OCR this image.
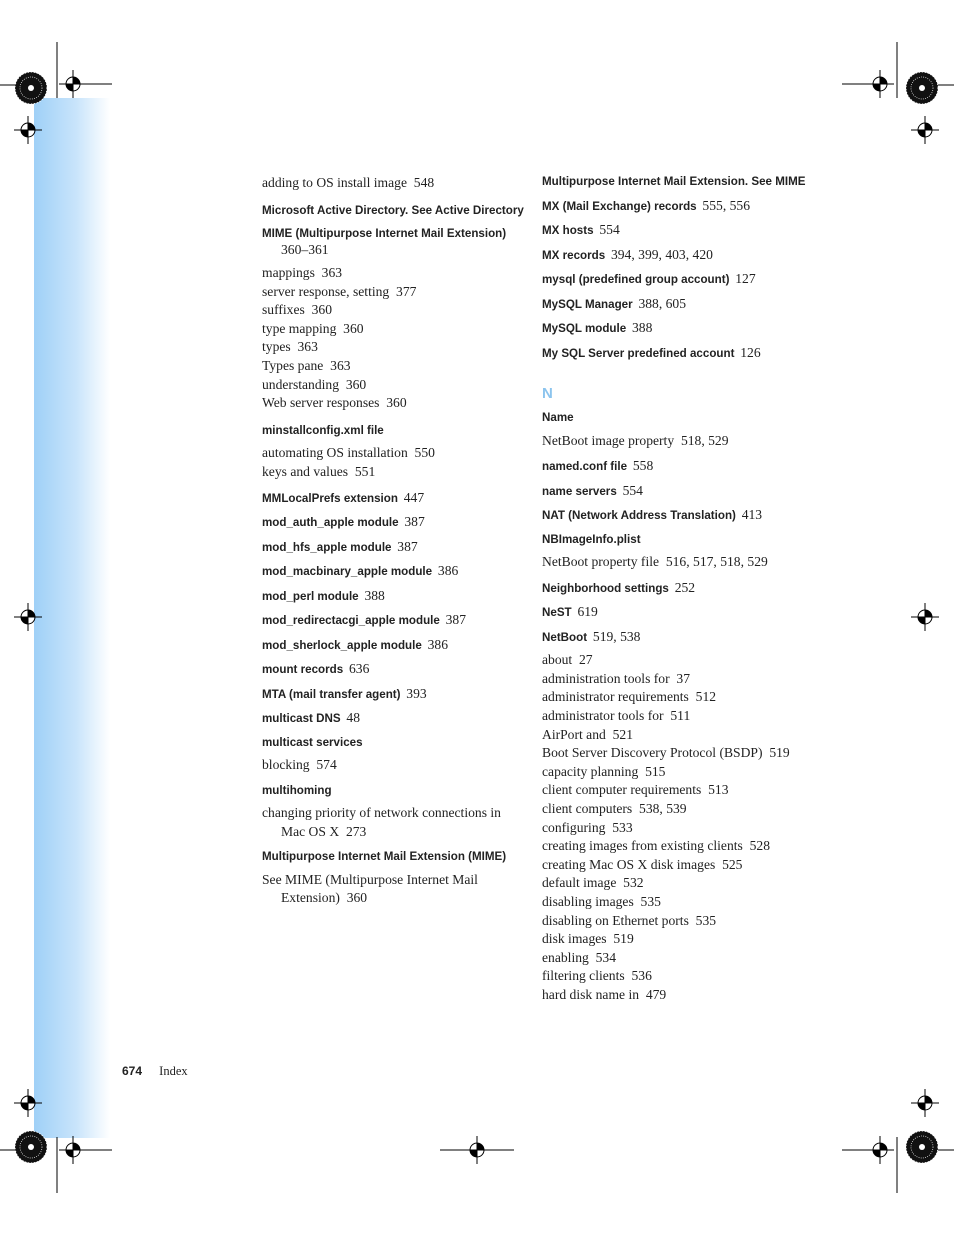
adding to OS install image  548
Microsoft Active Directory. See Active Directory
MIME (Multipurpose Internet Mail Extension) 360–361
mappings  363
server response, setting  377
suffixes  360
type mapping  360
types  363
Types pane  363
understanding  360
Web server responses  360
minstallconfig.xml file
automating OS installation  550
keys and values  551
MMLocalPrefs extension  447
mod_auth_apple module  387
mod_hfs_apple module  387
mod_macbinary_apple module  386
mod_perl module  388
mod_redirectacgi_apple module  387
mod_sherlock_apple module  386
mount records  636
MTA (mail transfer agent)  393
multicast DNS  48
multicast services
blocking  574
multihoming
changing priority of network connections in Mac OS X  273
Multipurpose Internet Mail Extension (MIME)
See MIME (Multipurpose Internet Mail Extension)  360
Multipurpose Internet Mail Extension. See MIME
MX (Mail Exchange) records  555, 556
MX hosts  554
MX records  394, 399, 403, 420
mysql (predefined group account)  127
MySQL Manager  388, 605
MySQL module  388
My SQL Server predefined account  126
N
Name
NetBoot image property  518, 529
named.conf file  558
name servers  554
NAT (Network Address Translation)  413
NBImageInfo.plist
NetBoot property file  516, 517, 518, 529
Neighborhood settings  252
NeST  619
NetBoot  519, 538
about  27
administration tools for  37
administrator requirements  512
administrator tools for  511
AirPort and  521
Boot Server Discovery Protocol (BSDP)  519
capacity planning  515
client computer requirements  513
client computers  538, 539
configuring  533
creating images from existing clients  528
creating Mac OS X disk images  525
default image  532
disabling images  535
disabling on Ethernet ports  535
disk images  519
enabling  534
filtering clients  536
hard disk name in  479
674 Index
